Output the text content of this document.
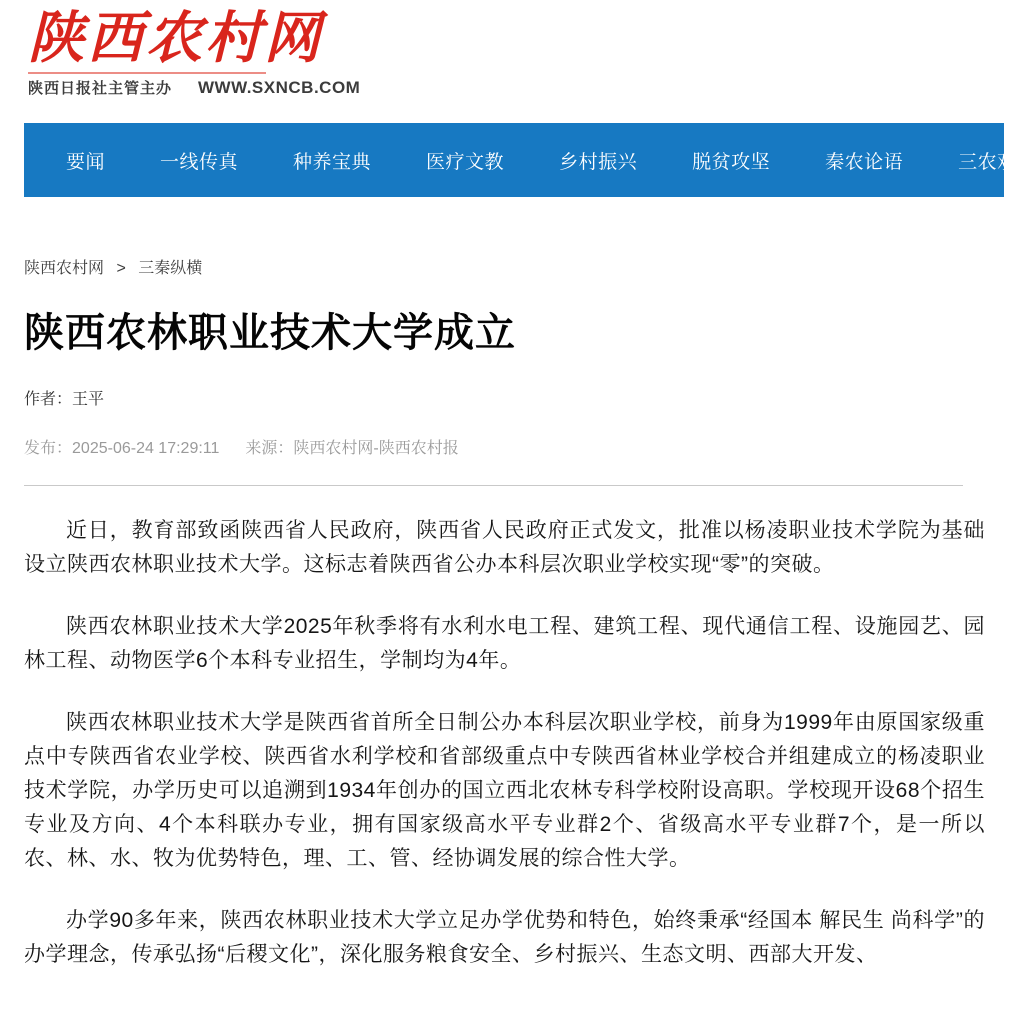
陕西农村网
陕西日报社主管主办 WWW.SXNCB.COM
要闻	一线传真	种养宝典	医疗文教	乡村振兴	脱贫攻坚	秦农论语	三农观察
陕西农村网 > 三秦纵横
陕西农林职业技术大学成立
作者：王平
发布：2025-06-24 17:29:11 来源：陕西农村网-陕西农村报

近日，教育部致函陕西省人民政府，陕西省人民政府正式发文，批准以杨凌职业技术学院为基础设立陕西农林职业技术大学。这标志着陕西省公办本科层次职业学校实现“零”的突破。

陕西农林职业技术大学2025年秋季将有水利水电工程、建筑工程、现代通信工程、设施园艺、园林工程、动物医学6个本科专业招生，学制均为4年。

陕西农林职业技术大学是陕西省首所全日制公办本科层次职业学校，前身为1999年由原国家级重点中专陕西省农业学校、陕西省水利学校和省部级重点中专陕西省林业学校合并组建成立的杨凌职业技术学院，办学历史可以追溯到1934年创办的国立西北农林专科学校附设高职。学校现开设68个招生专业及方向、4个本科联办专业，拥有国家级高水平专业群2个、省级高水平专业群7个，是一所以农、林、水、牧为优势特色，理、工、管、经协调发展的综合性大学。

办学90多年来，陕西农林职业技术大学立足办学优势和特色，始终秉承“经国本 解民生 尚科学”的办学理念，传承弘扬“后稷文化”，深化服务粮食安全、乡村振兴、生态文明、西部大开发、
